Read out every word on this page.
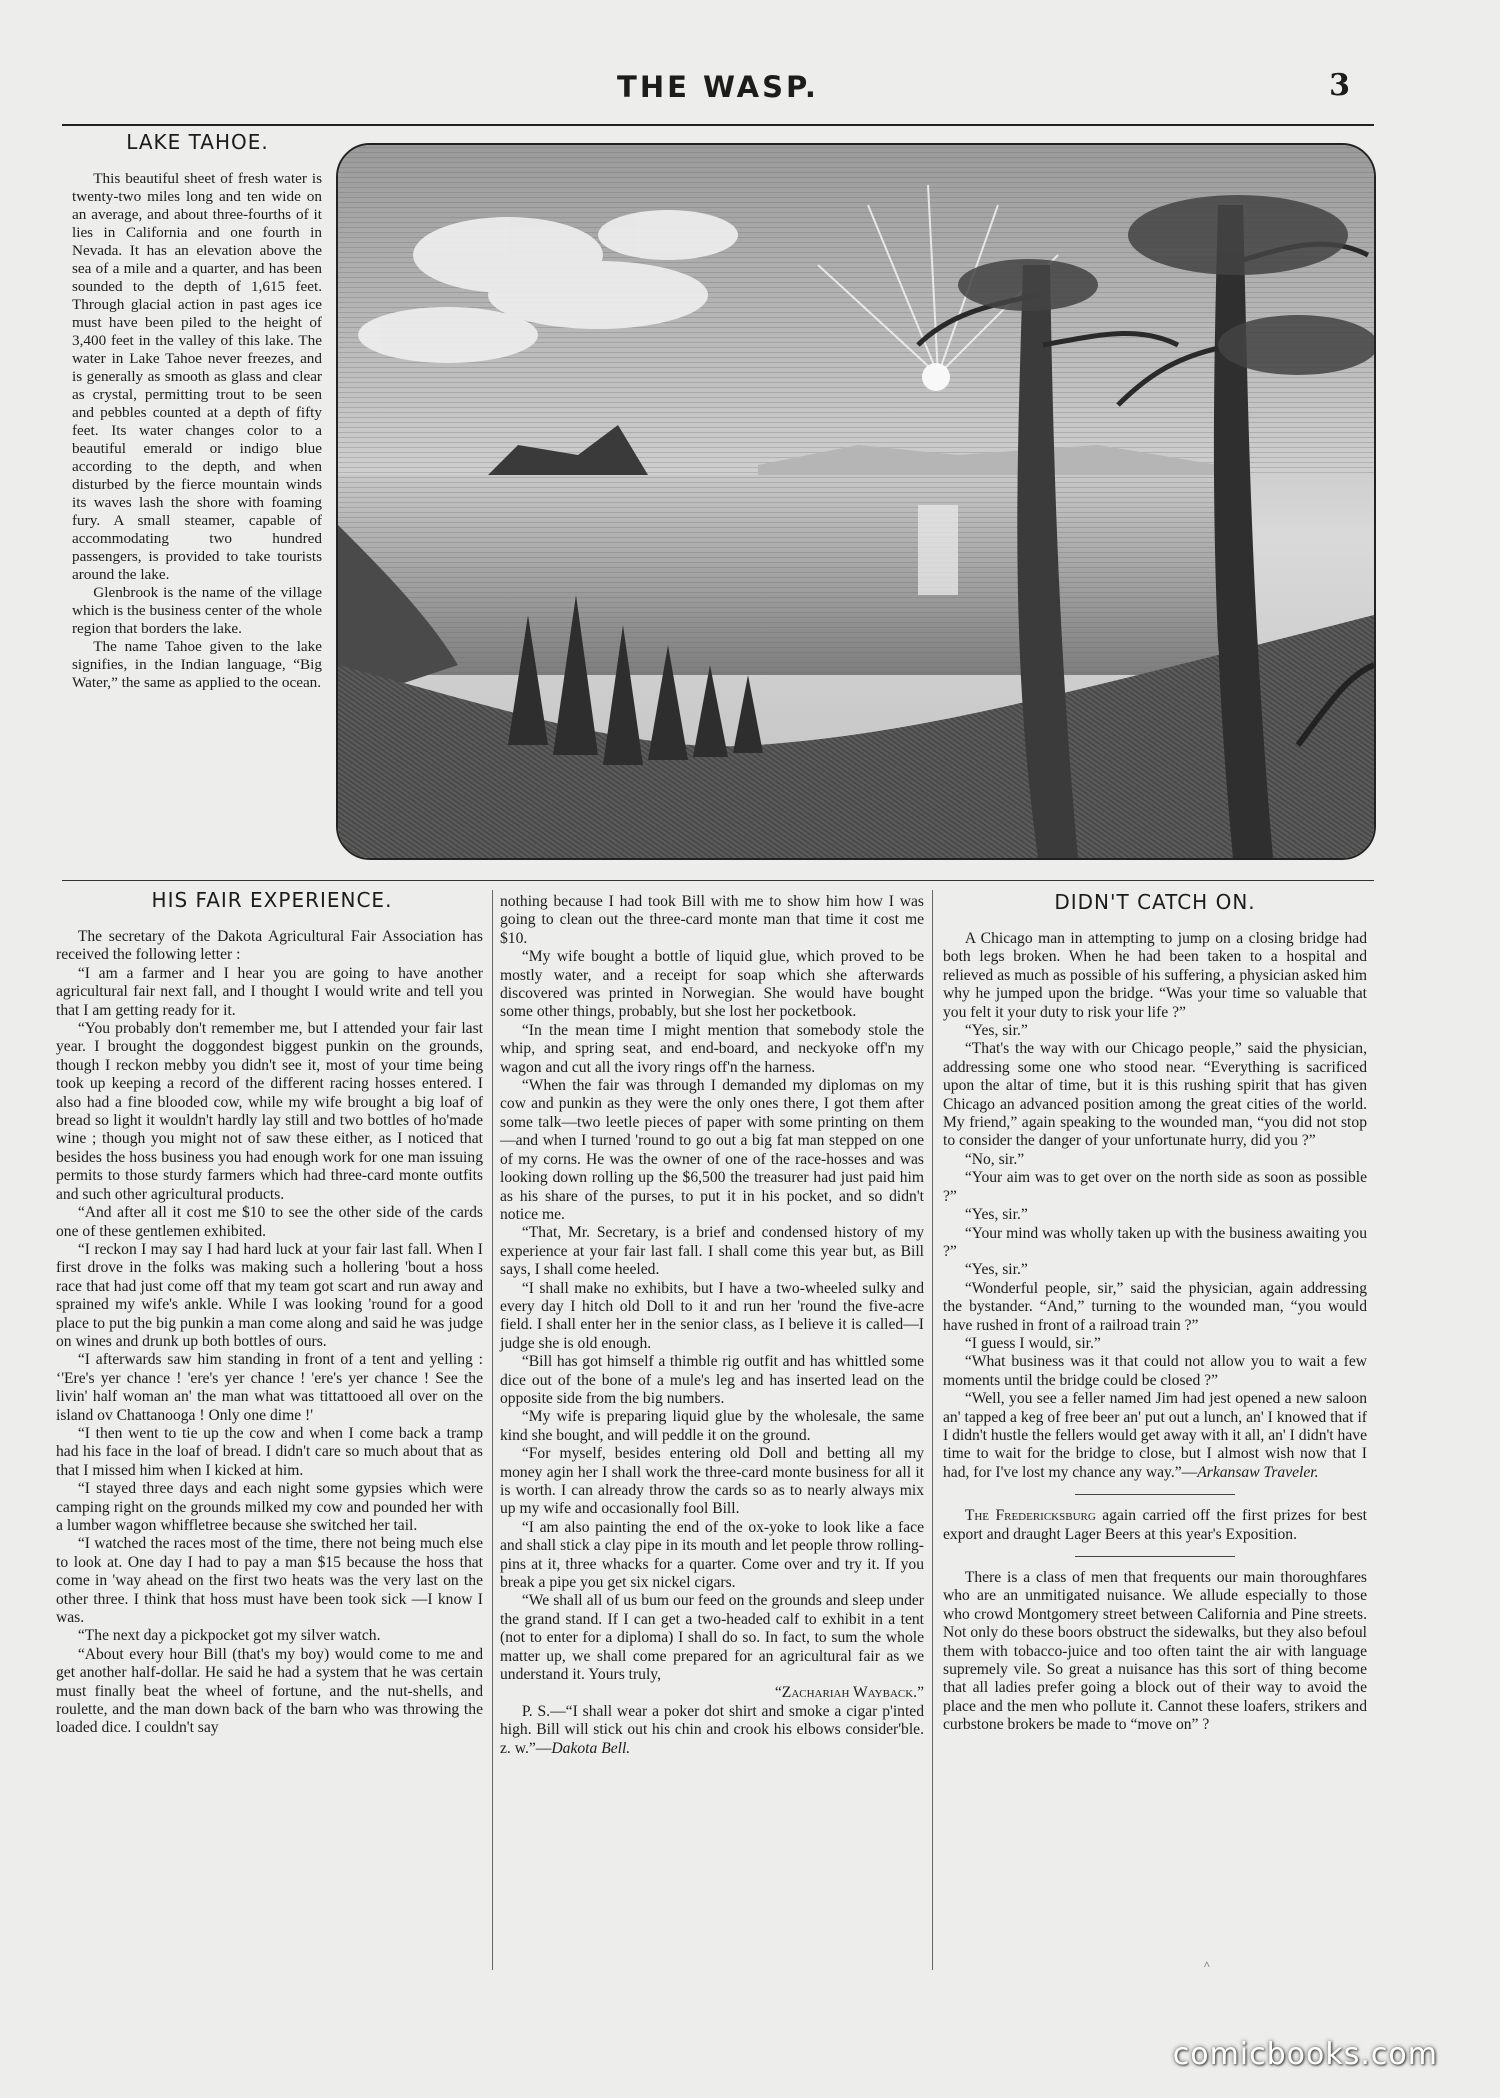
THE WASP.	3
LAKE TAHOE.

This beautiful sheet of fresh water is twenty-two miles long and ten wide on an average, and about three-fourths of it lies in California and one fourth in Nevada. It has an elevation above the sea of a mile and a quarter, and has been sounded to the depth of 1,615 feet. Through glacial action in past ages ice must have been piled to the height of 3,400 feet in the valley of this lake. The water in Lake Tahoe never freezes, and is generally as smooth as glass and clear as crystal, permitting trout to be seen and pebbles counted at a depth of fifty feet. Its water changes color to a beautiful emerald or indigo blue according to the depth, and when disturbed by the fierce mountain winds its waves lash the shore with foaming fury. A small steamer, capable of accommodating two hundred passengers, is provided to take tourists around the lake.

Glenbrook is the name of the village which is the business center of the whole region that borders the lake.

The name Tahoe given to the lake signifies, in the Indian language, “Big Water,” the same as applied to the ocean.

HIS FAIR EXPERIENCE.

The secretary of the Dakota Agricultural Fair Association has received the following letter :

“I am a farmer and I hear you are going to have another agricultural fair next fall, and I thought I would write and tell you that I am getting ready for it.

“You probably don't remember me, but I attended your fair last year. I brought the doggondest biggest punkin on the grounds, though I reckon mebby you didn't see it, most of your time being took up keeping a record of the different racing hosses entered. I also had a fine blooded cow, while my wife brought a big loaf of bread so light it wouldn't hardly lay still and two bottles of ho'made wine ; though you might not of saw these either, as I noticed that besides the hoss business you had enough work for one man issuing permits to those sturdy farmers which had three-card monte outfits and such other agricultural products.

“And after all it cost me $10 to see the other side of the cards one of these gentlemen exhibited.

“I reckon I may say I had hard luck at your fair last fall. When I first drove in the folks was making such a hollering 'bout a hoss race that had just come off that my team got scart and run away and sprained my wife's ankle. While I was looking 'round for a good place to put the big punkin a man come along and said he was judge on wines and drunk up both bottles of ours.

“I afterwards saw him standing in front of a tent and yelling : ‘'Ere's yer chance ! 'ere's yer chance ! 'ere's yer chance ! See the livin' half woman an' the man what was tittattooed all over on the island ov Chattanooga ! Only one dime !'

“I then went to tie up the cow and when I come back a tramp had his face in the loaf of bread. I didn't care so much about that as that I missed him when I kicked at him.

“I stayed three days and each night some gypsies which were camping right on the grounds milked my cow and pounded her with a lumber wagon whiffletree because she switched her tail.

“I watched the races most of the time, there not being much else to look at. One day I had to pay a man $15 because the hoss that come in 'way ahead on the first two heats was the very last on the other three. I think that hoss must have been took sick —I know I was.

“The next day a pickpocket got my silver watch.

“About every hour Bill (that's my boy) would come to me and get another half-dollar. He said he had a system that he was certain must finally beat the wheel of fortune, and the nut-shells, and roulette, and the man down back of the barn who was throwing the loaded dice. I couldn't say

nothing because I had took Bill with me to show him how I was going to clean out the three-card monte man that time it cost me $10.

“My wife bought a bottle of liquid glue, which proved to be mostly water, and a receipt for soap which she afterwards discovered was printed in Norwegian. She would have bought some other things, probably, but she lost her pocketbook.

“In the mean time I might mention that somebody stole the whip, and spring seat, and end-board, and neckyoke off'n my wagon and cut all the ivory rings off'n the harness.

“When the fair was through I demanded my diplomas on my cow and punkin as they were the only ones there, I got them after some talk—two leetle pieces of paper with some printing on them—and when I turned 'round to go out a big fat man stepped on one of my corns. He was the owner of one of the race-hosses and was looking down rolling up the $6,500 the treasurer had just paid him as his share of the purses, to put it in his pocket, and so didn't notice me.

“That, Mr. Secretary, is a brief and condensed history of my experience at your fair last fall. I shall come this year but, as Bill says, I shall come heeled.

“I shall make no exhibits, but I have a two-wheeled sulky and every day I hitch old Doll to it and run her 'round the five-acre field. I shall enter her in the senior class, as I believe it is called—I judge she is old enough.

“Bill has got himself a thimble rig outfit and has whittled some dice out of the bone of a mule's leg and has inserted lead on the opposite side from the big numbers.

“My wife is preparing liquid glue by the wholesale, the same kind she bought, and will peddle it on the ground.

“For myself, besides entering old Doll and betting all my money agin her I shall work the three-card monte business for all it is worth. I can already throw the cards so as to nearly always mix up my wife and occasionally fool Bill.

“I am also painting the end of the ox-yoke to look like a face and shall stick a clay pipe in its mouth and let people throw rolling-pins at it, three whacks for a quarter. Come over and try it. If you break a pipe you get six nickel cigars.

“We shall all of us bum our feed on the grounds and sleep under the grand stand. If I can get a two-headed calf to exhibit in a tent (not to enter for a diploma) I shall do so. In fact, to sum the whole matter up, we shall come prepared for an agricultural fair as we understand it. Yours truly,

“Zachariah Wayback.”

P. S.—“I shall wear a poker dot shirt and smoke a cigar p'inted high. Bill will stick out his chin and crook his elbows consider'ble. z. w.”—Dakota Bell.

DIDN'T CATCH ON.

A Chicago man in attempting to jump on a closing bridge had both legs broken. When he had been taken to a hospital and relieved as much as possible of his suffering, a physician asked him why he jumped upon the bridge. “Was your time so valuable that you felt it your duty to risk your life ?”

“Yes, sir.”

“That's the way with our Chicago people,” said the physician, addressing some one who stood near. “Everything is sacrificed upon the altar of time, but it is this rushing spirit that has given Chicago an advanced position among the great cities of the world. My friend,” again speaking to the wounded man, “you did not stop to consider the danger of your unfortunate hurry, did you ?”

“No, sir.”

“Your aim was to get over on the north side as soon as possible ?”

“Yes, sir.”

“Your mind was wholly taken up with the business awaiting you ?”

“Yes, sir.”

“Wonderful people, sir,” said the physician, again addressing the bystander. “And,” turning to the wounded man, “you would have rushed in front of a railroad train ?”

“I guess I would, sir.”

“What business was it that could not allow you to wait a few moments until the bridge could be closed ?”

“Well, you see a feller named Jim had jest opened a new saloon an' tapped a keg of free beer an' put out a lunch, an' I knowed that if I didn't hustle the fellers would get away with it all, an' I didn't have time to wait for the bridge to close, but I almost wish now that I had, for I've lost my chance any way.”—Arkansaw Traveler.

The Fredericksburg again carried off the first prizes for best export and draught Lager Beers at this year's Exposition.

There is a class of men that frequents our main thoroughfares who are an unmitigated nuisance. We allude especially to those who crowd Montgomery street between California and Pine streets. Not only do these boors obstruct the sidewalks, but they also befoul them with tobacco-juice and too often taint the air with language supremely vile. So great a nuisance has this sort of thing become that all ladies prefer going a block out of their way to avoid the place and the men who pollute it. Cannot these loafers, strikers and curbstone brokers be made to “move on” ?

^
comicbooks.com
